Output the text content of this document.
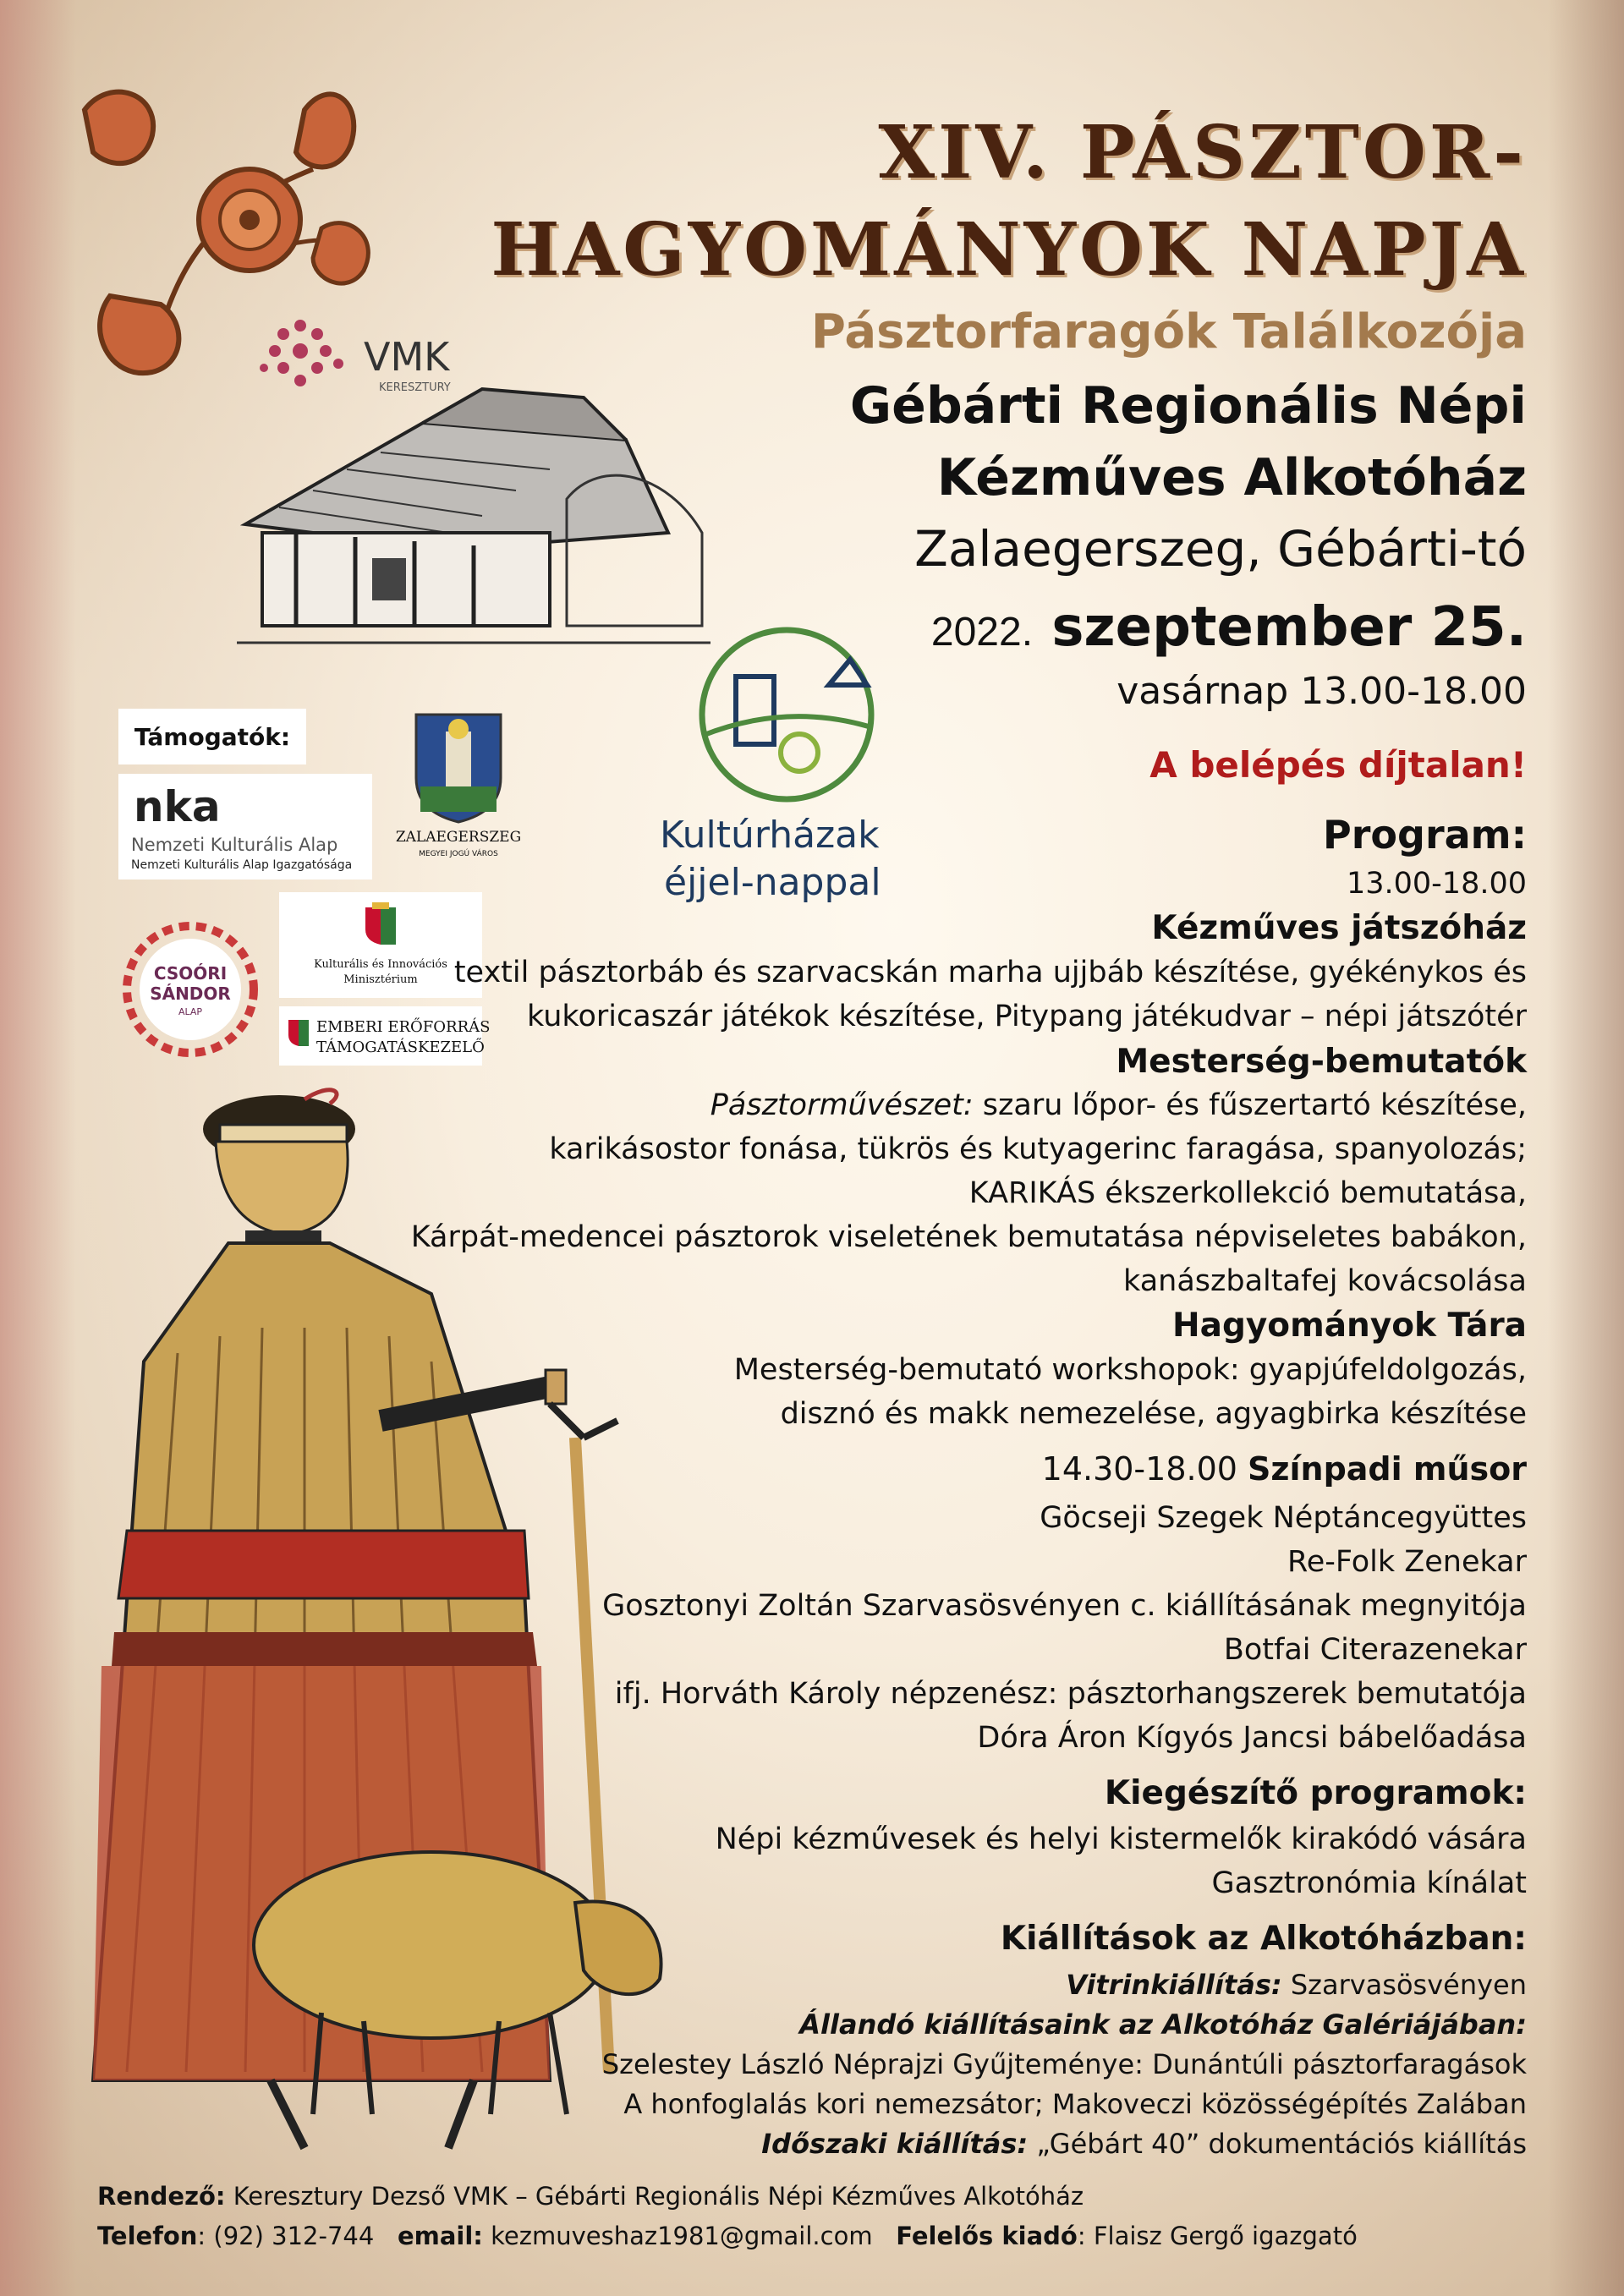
XIV. PÁSZTOR-
HAGYOMÁNYOK NAPJA
Pásztorfaragók Találkozója
Gébárti Regionális Népi
Kézműves Alkotóház
Zalaegerszeg, Gébárti-tó
2022. szeptember 25.
vasárnap 13.00-18.00
A belépés díjtalan!
VMK
KERESZTURY
Kultúrházak
éjjel-nappal
Támogatók:
nka
Nemzeti Kulturális Alap
Nemzeti Kulturális Alap Igazgatósága
ZALAEGERSZEG
MEGYEI JOGÚ VÁROS
CSOÓRI
SÁNDOR
ALAP
Kulturális és Innovációs
Minisztérium
EMBERI ERŐFORRÁS
TÁMOGATÁSKEZELŐ
Program:
13.00-18.00
Kézműves játszóház
textil pásztorbáb és szarvacskán marha ujjbáb készítése, gyékénykos és
kukoricaszár játékok készítése, Pitypang játékudvar – népi játszótér
Mesterség-bemutatók
Pásztorművészet: szaru lőpor- és fűszertartó készítése,
karikásostor fonása, tükrös és kutyagerinc faragása, spanyolozás;
KARIKÁS ékszerkollekció bemutatása,
Kárpát-medencei pásztorok viseletének bemutatása népviseletes babákon,
kanászbaltafej kovácsolása
Hagyományok Tára
Mesterség-bemutató workshopok: gyapjúfeldolgozás,
disznó és makk nemezelése, agyagbirka készítése
14.30-18.00 Színpadi műsor
Göcseji Szegek Néptáncegyüttes
Re-Folk Zenekar
Gosztonyi Zoltán Szarvasösvényen c. kiállításának megnyitója
Botfai Citerazenekar
ifj. Horváth Károly népzenész: pásztorhangszerek bemutatója
Dóra Áron Kígyós Jancsi bábelőadása
Kiegészítő programok:
Népi kézművesek és helyi kistermelők kirakódó vására
Gasztronómia kínálat
Kiállítások az Alkotóházban:
Vitrinkiállítás: Szarvasösvényen
Állandó kiállításaink az Alkotóház Galériájában:
Szelestey László Néprajzi Gyűjteménye: Dunántúli pásztorfaragások
A honfoglalás kori nemezsátor; Makoveczi közösségépítés Zalában
Időszaki kiállítás: „Gébárt 40” dokumentációs kiállítás
Rendező: Keresztury Dezső VMK – Gébárti Regionális Népi Kézműves Alkotóház
Telefon: (92) 312-744 email: kezmuveshaz1981@gmail.com Felelős kiadó: Flaisz Gergő igazgató
